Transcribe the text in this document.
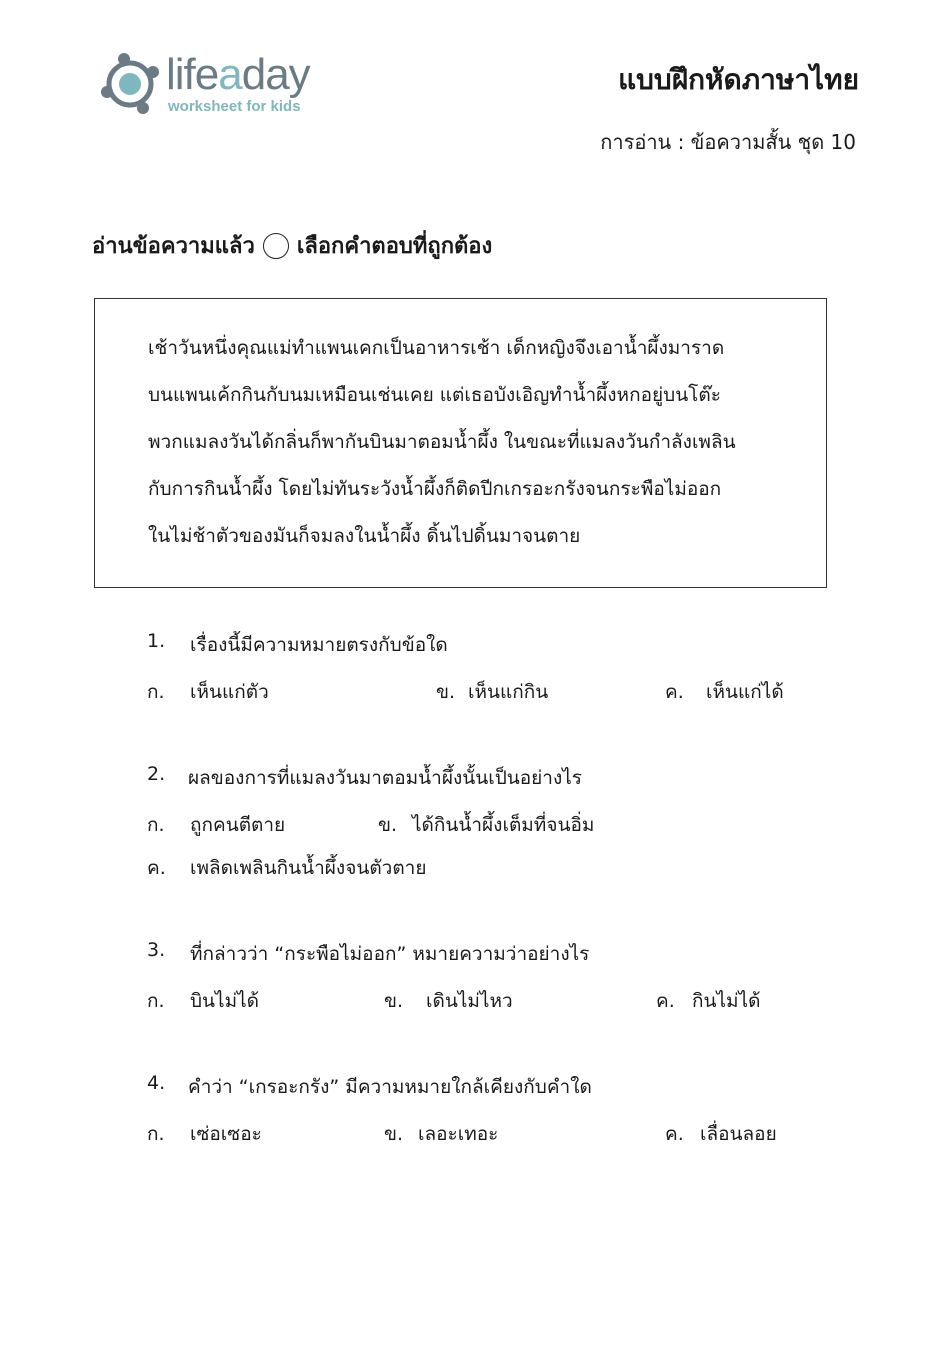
lifeaday
worksheet for kids
แบบฝึกหัดภาษาไทย
การอ่าน : ข้อความสั้น ชุด 10
อ่านข้อความแล้ว ○ เลือกคำตอบที่ถูกต้อง
เช้าวันหนึ่งคุณแม่ทำแพนเคกเป็นอาหารเช้า เด็กหญิงจึงเอาน้ำผึ้งมาราด
บนแพนเค้กกินกับนมเหมือนเช่นเคย แต่เธอบังเอิญทำน้ำผึ้งหกอยู่บนโต๊ะ
พวกแมลงวันได้กลิ่นก็พากันบินมาตอมน้ำผึ้ง ในขณะที่แมลงวันกำลังเพลิน
กับการกินน้ำผึ้ง โดยไม่ทันระวังน้ำผึ้งก็ติดปีกเกรอะกรังจนกระพือไม่ออก
ในไม่ช้าตัวของมันก็จมลงในน้ำผึ้ง ดิ้นไปดิ้นมาจนตาย
1. เรื่องนี้มีความหมายตรงกับข้อใด
ก. เห็นแก่ตัว	ข. เห็นแก่กิน	ค. เห็นแก่ได้
2. ผลของการที่แมลงวันมาตอมน้ำผึ้งนั้นเป็นอย่างไร
ก. ถูกคนตีตาย	ข. ได้กินน้ำผึ้งเต็มที่จนอิ่ม
ค. เพลิดเพลินกินน้ำผึ้งจนตัวตาย
3. ที่กล่าวว่า “กระพือไม่ออก” หมายความว่าอย่างไร
ก. บินไม่ได้	ข. เดินไม่ไหว	ค. กินไม่ได้
4. คำว่า “เกรอะกรัง” มีความหมายใกล้เคียงกับคำใด
ก. เซ่อเซอะ	ข. เลอะเทอะ	ค. เลื่อนลอย
